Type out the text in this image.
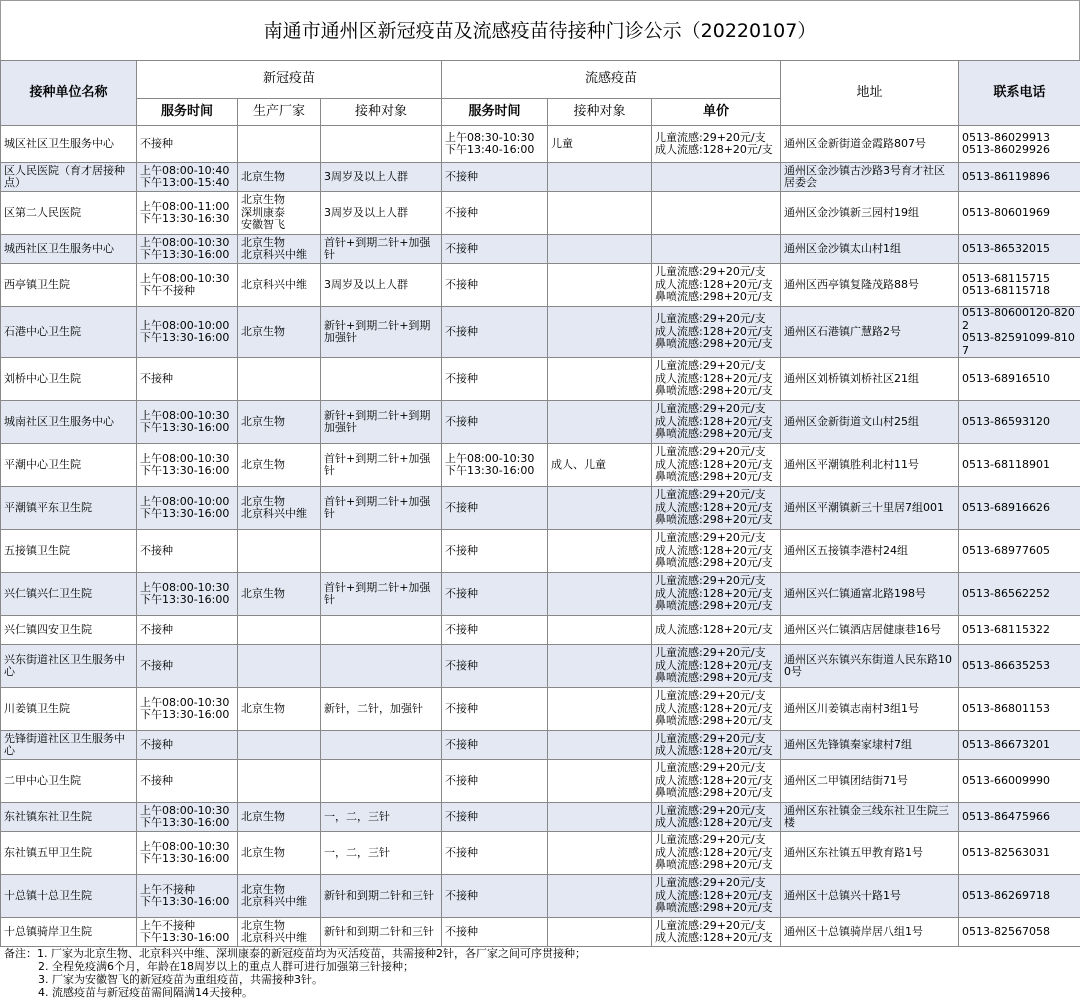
南通市通州区新冠疫苗及流感疫苗待接种门诊公示（20220107）
接种单位名称	新冠疫苗			流感疫苗			地址	联系电话
	服务时间	生产厂家	接种对象	服务时间	接种对象	单价		
城区社区卫生服务中心	不接种			上午08:30-10:30
下午13:40-16:00	儿童	儿童流感:29+20元/支
成人流感:128+20元/支	通州区金新街道金霞路807号	0513-86029913
0513-86029926
区人民医院（育才居接种点）	上午08:00-10:40
下午13:00-15:40	北京生物	3周岁及以上人群	不接种			通州区金沙镇古沙路3号育才社区居委会	0513-86119896
区第二人民医院	上午08:00-11:00
下午13:30-16:30	北京生物
深圳康泰
安徽智飞	3周岁及以上人群	不接种			通州区金沙镇新三园村19组	0513-80601969
城西社区卫生服务中心	上午08:00-10:30
下午13:30-16:00	北京生物
北京科兴中维	首针+到期二针+加强针	不接种			通州区金沙镇太山村1组	0513-86532015
西亭镇卫生院	上午08:00-10:30
下午不接种	北京科兴中维	3周岁及以上人群	不接种		儿童流感:29+20元/支
成人流感:128+20元/支
鼻喷流感:298+20元/支	通州区西亭镇复隆茂路88号	0513-68115715
0513-68115718
石港中心卫生院	上午08:00-10:00
下午13:30-16:00	北京生物	新针+到期二针+到期加强针	不接种		儿童流感:29+20元/支
成人流感:128+20元/支
鼻喷流感:298+20元/支	通州区石港镇广慧路2号	0513-80600120-8202
0513-82591099-8107
刘桥中心卫生院	不接种			不接种		儿童流感:29+20元/支
成人流感:128+20元/支
鼻喷流感:298+20元/支	通州区刘桥镇刘桥社区21组	0513-68916510
城南社区卫生服务中心	上午08:00-10:30
下午13:30-16:00	北京生物	新针+到期二针+到期加强针	不接种		儿童流感:29+20元/支
成人流感:128+20元/支
鼻喷流感:298+20元/支	通州区金新街道文山村25组	0513-86593120
平潮中心卫生院	上午08:00-10:30
下午13:30-16:00	北京生物	首针+到期二针+加强针	上午08:00-10:30
下午13:30-16:00	成人、儿童	儿童流感:29+20元/支
成人流感:128+20元/支
鼻喷流感:298+20元/支	通州区平潮镇胜利北村11号	0513-68118901
平潮镇平东卫生院	上午08:00-10:00
下午13:30-16:00	北京生物
北京科兴中维	首针+到期二针+加强针	不接种		儿童流感:29+20元/支
成人流感:128+20元/支
鼻喷流感:298+20元/支	通州区平潮镇新三十里居7组001	0513-68916626
五接镇卫生院	不接种			不接种		儿童流感:29+20元/支
成人流感:128+20元/支
鼻喷流感:298+20元/支	通州区五接镇李港村24组	0513-68977605
兴仁镇兴仁卫生院	上午08:00-10:30
下午13:30-16:00	北京生物	首针+到期二针+加强针	不接种		儿童流感:29+20元/支
成人流感:128+20元/支
鼻喷流感:298+20元/支	通州区兴仁镇通富北路198号	0513-86562252
兴仁镇四安卫生院	不接种			不接种		成人流感:128+20元/支	通州区兴仁镇酒店居健康巷16号	0513-68115322
兴东街道社区卫生服务中心	不接种			不接种		儿童流感:29+20元/支
成人流感:128+20元/支
鼻喷流感:298+20元/支	通州区兴东镇兴东街道人民东路100号	0513-86635253
川姜镇卫生院	上午08:00-10:30
下午13:30-16:00	北京生物	新针，二针，加强针	不接种		儿童流感:29+20元/支
成人流感:128+20元/支
鼻喷流感:298+20元/支	通州区川姜镇志南村3组1号	0513-86801153
先锋街道社区卫生服务中心	不接种			不接种		儿童流感:29+20元/支
成人流感:128+20元/支	通州区先锋镇秦家埭村7组	0513-86673201
二甲中心卫生院	不接种			不接种		儿童流感:29+20元/支
成人流感:128+20元/支
鼻喷流感:298+20元/支	通州区二甲镇团结街71号	0513-66009990
东社镇东社卫生院	上午08:00-10:30
下午13:30-16:00	北京生物	一，二，三针	不接种		儿童流感:29+20元/支
成人流感:128+20元/支	通州区东社镇金三线东社卫生院三楼	0513-86475966
东社镇五甲卫生院	上午08:00-10:30
下午13:30-16:00	北京生物	一，二，三针	不接种		儿童流感:29+20元/支
成人流感:128+20元/支
鼻喷流感:298+20元/支	通州区东社镇五甲教育路1号	0513-82563031
十总镇十总卫生院	上午不接种
下午13:30-16:00	北京生物
北京科兴中维	新针和到期二针和三针	不接种		儿童流感:29+20元/支
成人流感:128+20元/支
鼻喷流感:298+20元/支	通州区十总镇兴十路1号	0513-86269718
十总镇骑岸卫生院	上午不接种
下午13:30-16:00	北京生物
北京科兴中维	新针和到期二针和三针	不接种		儿童流感:29+20元/支
成人流感:128+20元/支	通州区十总镇骑岸居八组1号	0513-82567058
备注：1. 厂家为北京生物、北京科兴中维、深圳康泰的新冠疫苗均为灭活疫苗，共需接种2针，各厂家之间可序贯接种；
2. 全程免疫满6个月，年龄在18周岁以上的重点人群可进行加强第三针接种；
3. 厂家为安徽智飞的新冠疫苗为重组疫苗，共需接种3针。
4. 流感疫苗与新冠疫苗需间隔满14天接种。
